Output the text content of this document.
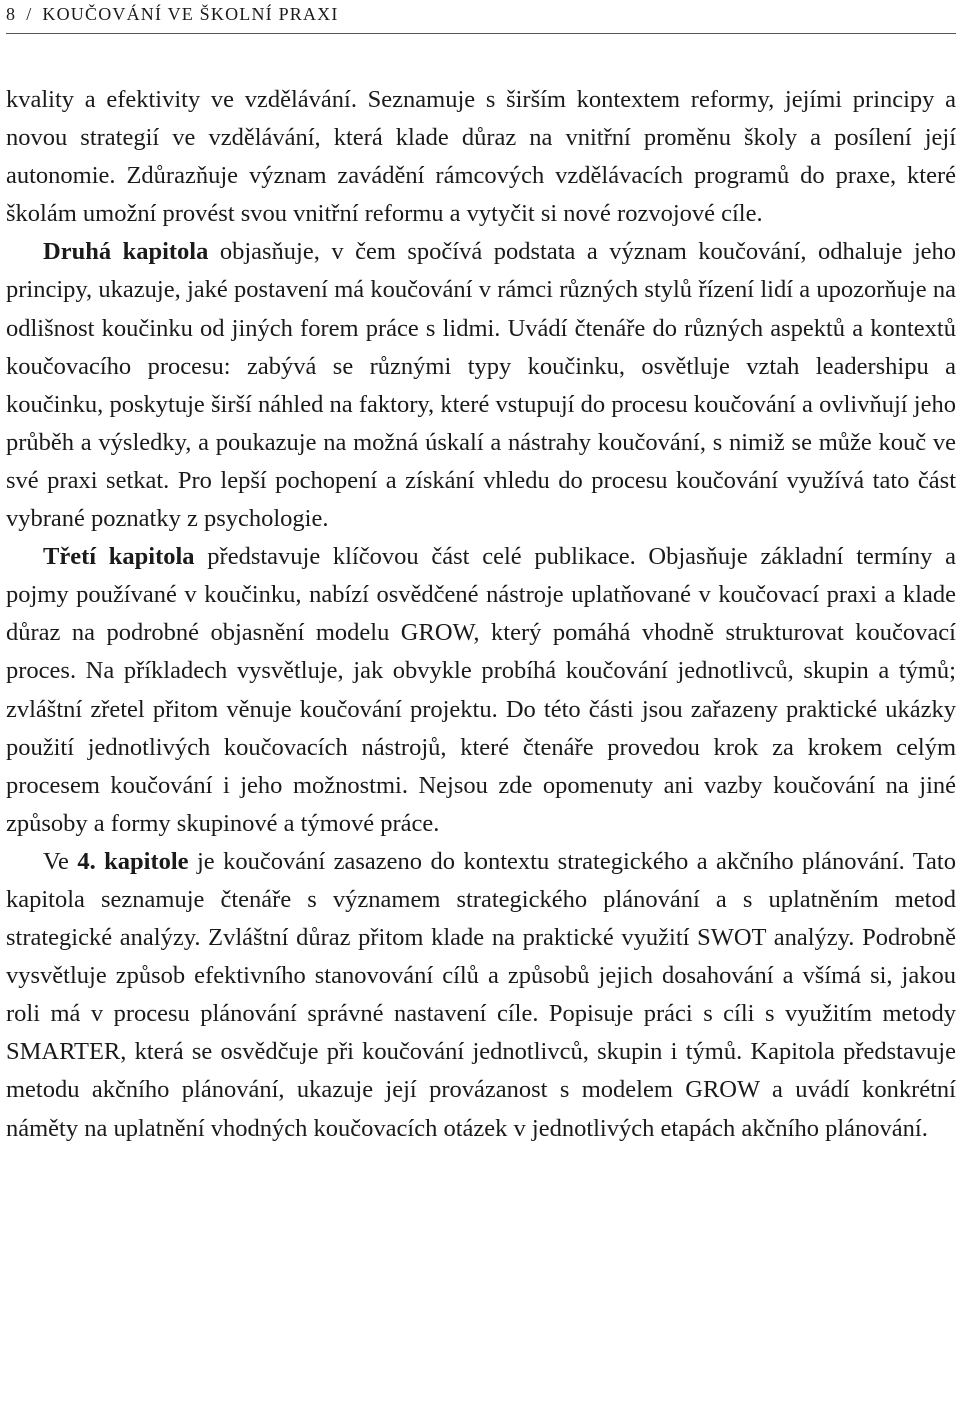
8 / KOUČOVÁNÍ VE ŠKOLNÍ PRAXI

kvality a efektivity ve vzdělávání. Seznamuje s širším kontextem reformy, jejími principy a novou strategií ve vzdělávání, která klade důraz na vnitřní proměnu školy a posílení její autonomie. Zdůrazňuje význam zavádění rámcových vzdělávacích programů do praxe, které školám umožní provést svou vnitřní reformu a vytyčit si nové rozvojové cíle.

Druhá kapitola objasňuje, v čem spočívá podstata a význam koučování, odhaluje jeho principy, ukazuje, jaké postavení má koučování v rámci různých stylů řízení lidí a upozorňuje na odlišnost koučinku od jiných forem práce s lidmi. Uvádí čtenáře do různých aspektů a kontextů koučovacího procesu: zabývá se různými typy koučinku, osvětluje vztah leadershipu a koučinku, poskytuje širší náhled na faktory, které vstupují do procesu koučování a ovlivňují jeho průběh a výsledky, a poukazuje na možná úskalí a nástrahy koučování, s nimiž se může kouč ve své praxi setkat. Pro lepší pochopení a získání vhledu do procesu koučování využívá tato část vybrané poznatky z psychologie.

Třetí kapitola představuje klíčovou část celé publikace. Objasňuje základní termíny a pojmy používané v koučinku, nabízí osvědčené nástroje uplatňované v koučovací praxi a klade důraz na podrobné objasnění modelu GROW, který pomáhá vhodně strukturovat koučovací proces. Na příkladech vysvětluje, jak obvykle probíhá koučování jednotlivců, skupin a týmů; zvláštní zřetel přitom věnuje koučování projektu. Do této části jsou zařazeny praktické ukázky použití jednotlivých koučovacích nástrojů, které čtenáře provedou krok za krokem celým procesem koučování i jeho možnostmi. Nejsou zde opomenuty ani vazby koučování na jiné způsoby a formy skupinové a týmové práce.

Ve 4. kapitole je koučování zasazeno do kontextu strategického a akčního plánování. Tato kapitola seznamuje čtenáře s významem strategického plánování a s uplatněním metod strategické analýzy. Zvláštní důraz přitom klade na praktické využití SWOT analýzy. Podrobně vysvětluje způsob efektivního stanovování cílů a způsobů jejich dosahování a všímá si, jakou roli má v procesu plánování správné nastavení cíle. Popisuje práci s cíli s využitím metody SMARTER, která se osvědčuje při koučování jednotlivců, skupin i týmů. Kapitola představuje metodu akčního plánování, ukazuje její provázanost s modelem GROW a uvádí konkrétní náměty na uplatnění vhodných koučovacích otázek v jednotlivých etapách akčního plánování.
